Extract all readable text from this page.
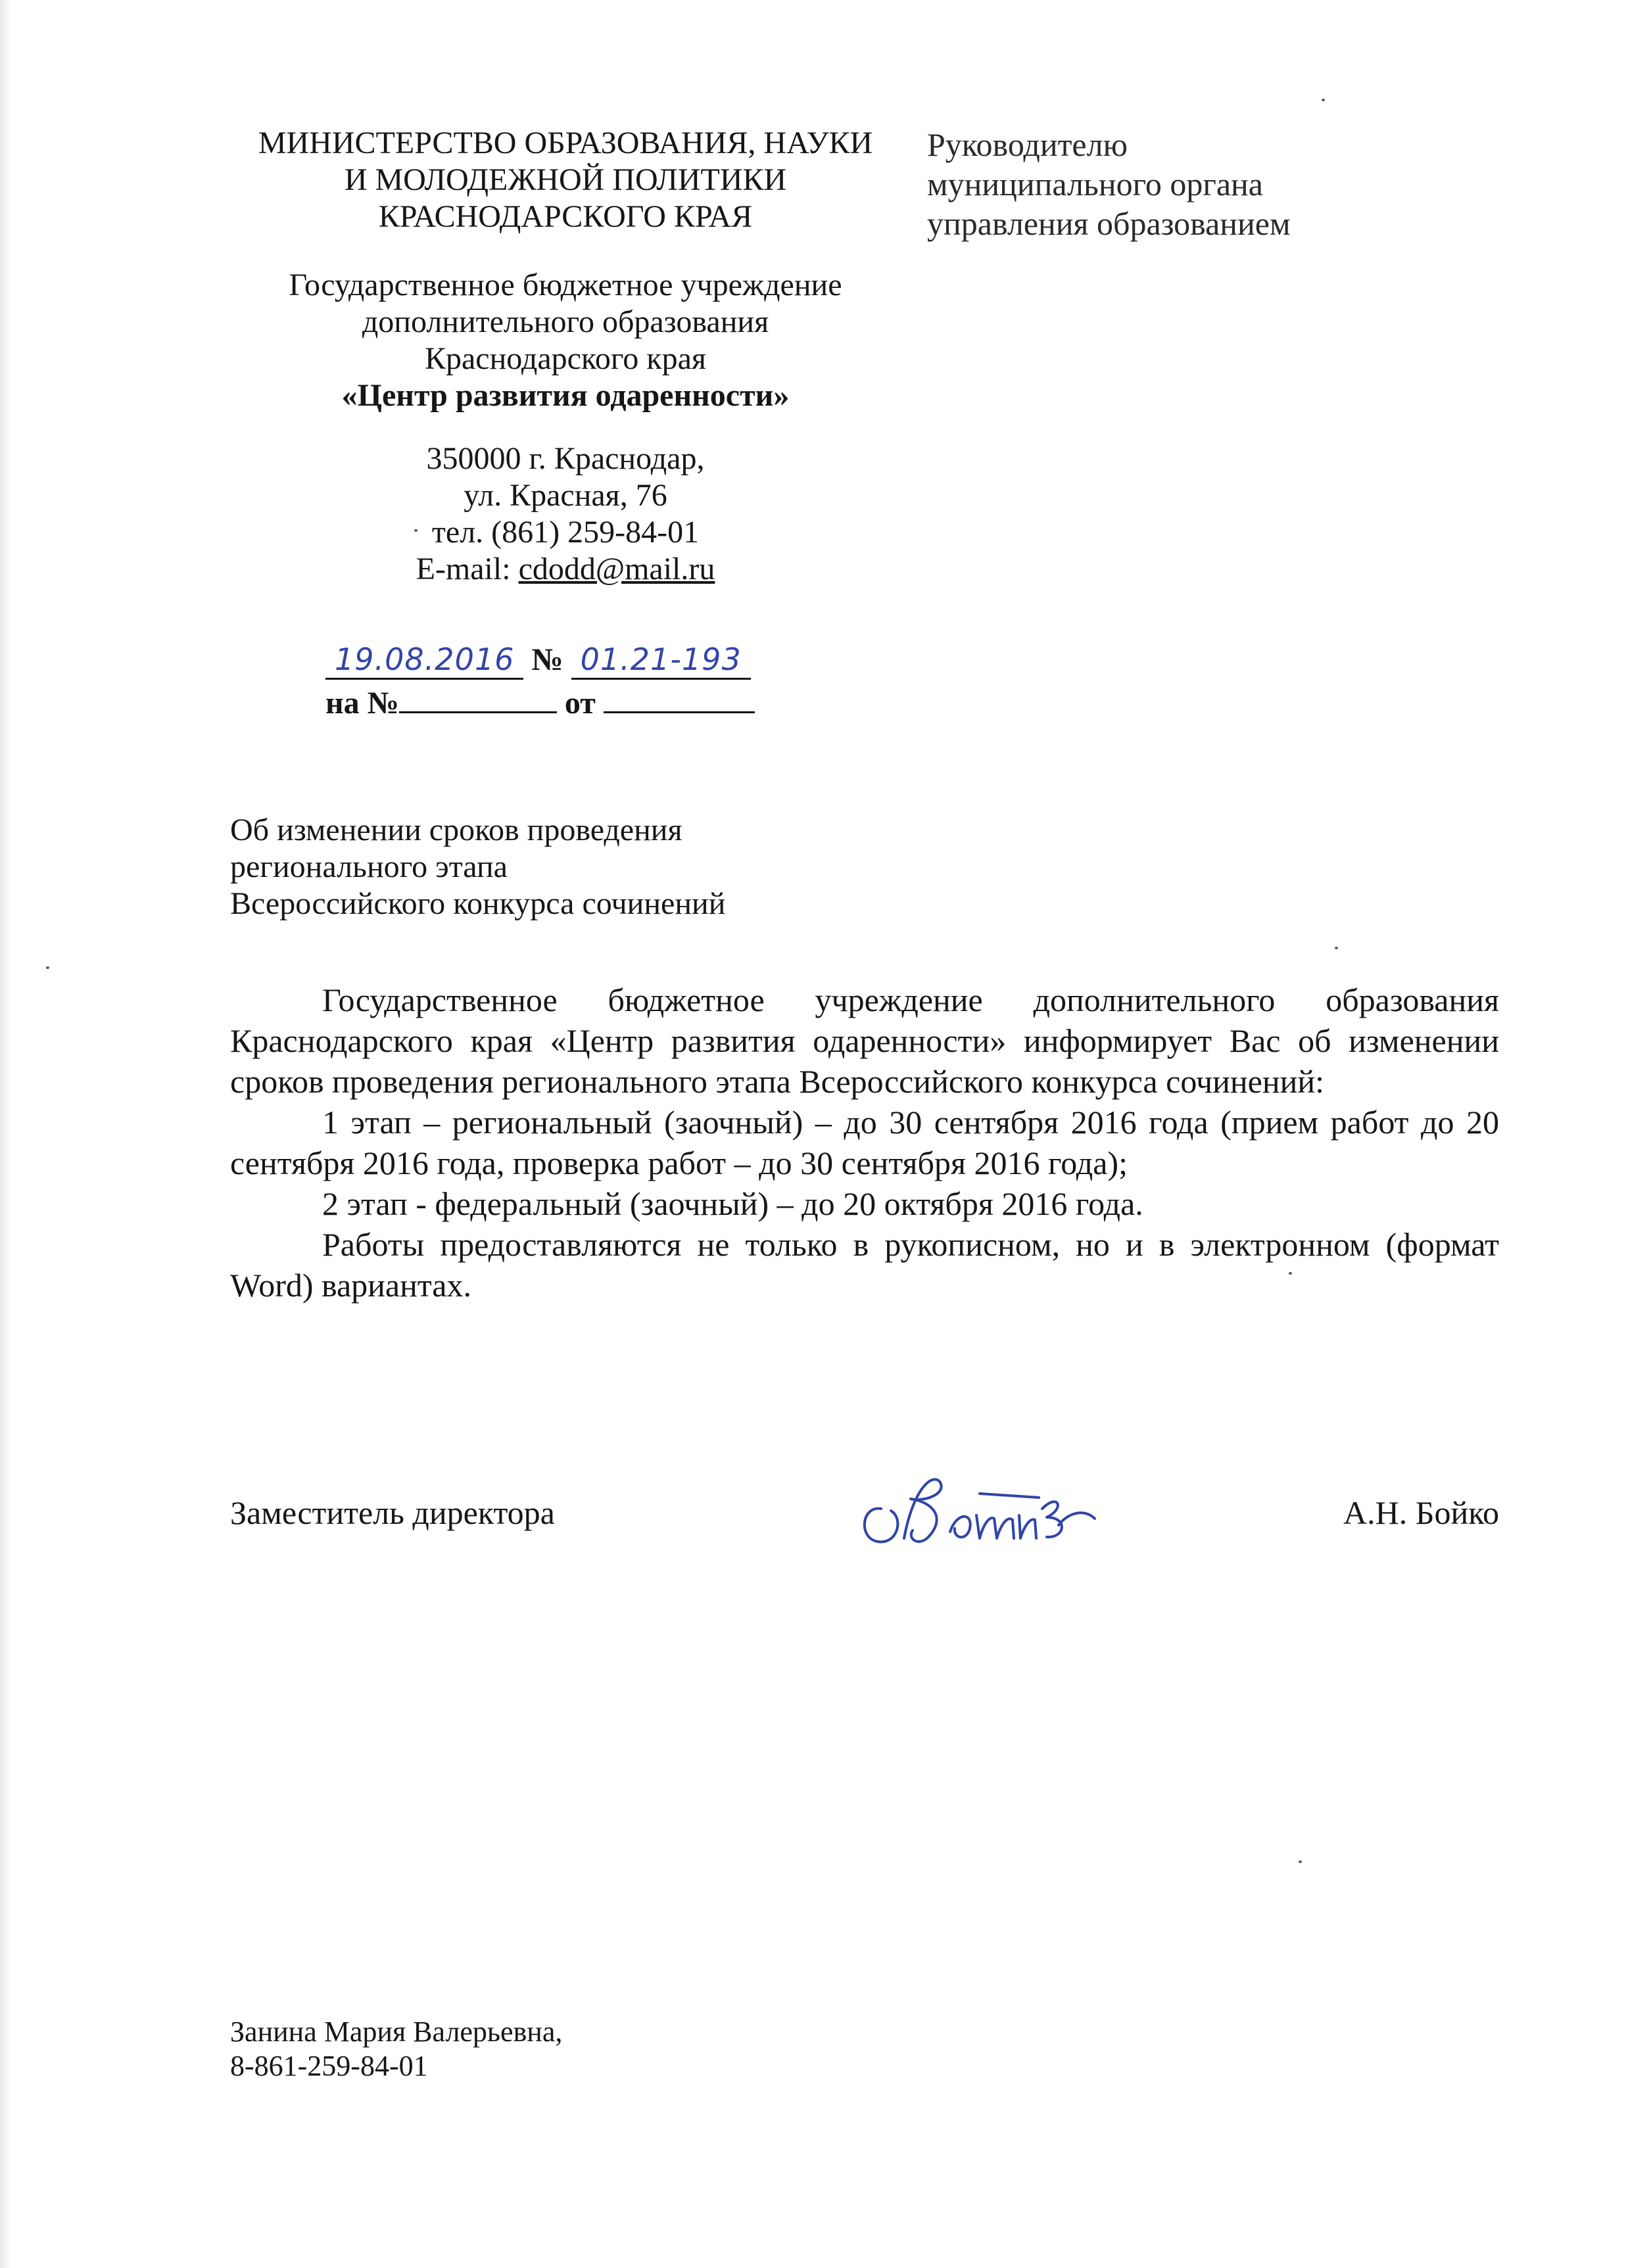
МИНИСТЕРСТВО ОБРАЗОВАНИЯ, НАУКИ
И МОЛОДЕЖНОЙ ПОЛИТИКИ
КРАСНОДАРСКОГО КРАЯ
Государственное бюджетное учреждение
дополнительного образования
Краснодарского края
«Центр развития одаренности»
350000 г. Краснодар,
ул. Красная, 76
тел. (861) 259-84-01
E-mail: cdodd@mail.ru
19.08.2016 № 01.21-193
на №	от
Руководителю
муниципального органа
управления образованием
Об изменении сроков проведения
регионального этапа
Всероссийского конкурса сочинений

Государственное бюджетное учреждение дополнительного образования Краснодарского края «Центр развития одаренности» информирует Вас об изменении сроков проведения регионального этапа Всероссийского конкурса сочинений:

1 этап – региональный (заочный) – до 30 сентября 2016 года (прием работ до 20 сентября 2016 года, проверка работ – до 30 сентября 2016 года);

2 этап - федеральный (заочный) – до 20 октября 2016 года.

Работы предоставляются не только в рукописном, но и в электронном (формат Word) вариантах.

Заместитель директора	А.Н. Бойко
Занина Мария Валерьевна,
8-861-259-84-01
